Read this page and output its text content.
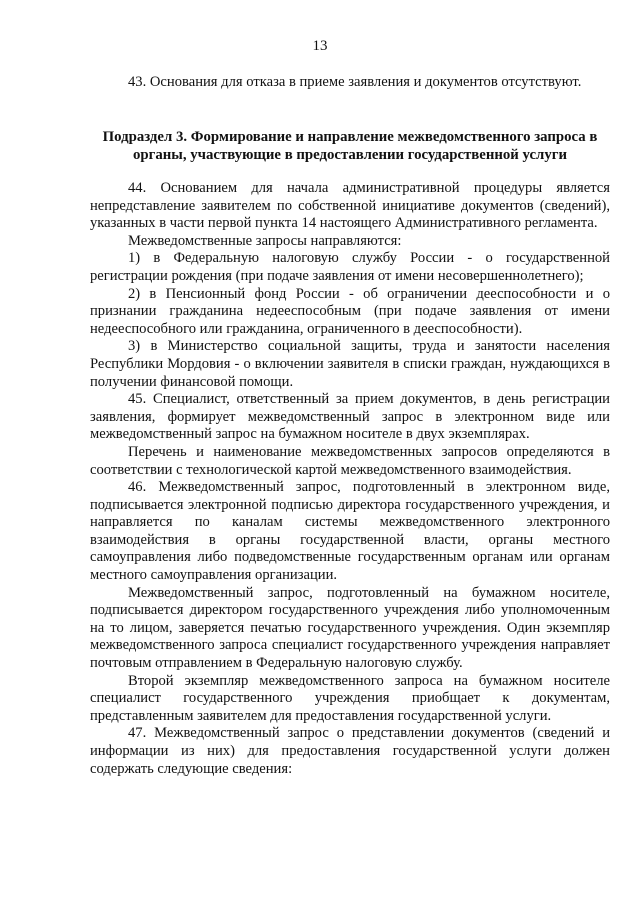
13

43. Основания для отказа в приеме заявления и документов отсутствуют.

Подраздел 3. Формирование и направление межведомственного запроса в
органы, участвующие в предоставлении государственной услуги

44. Основанием для начала административной процедуры является непредставление заявителем по собственной инициативе документов (сведений), указанных в части первой пункта 14 настоящего Административного регламента.

Межведомственные запросы направляются:

1) в Федеральную налоговую службу России - о государственной регистрации рождения (при подаче заявления от имени несовершеннолетнего);

2) в Пенсионный фонд России - об ограничении дееспособности и о признании гражданина недееспособным (при подаче заявления от имени недееспособного или гражданина, ограниченного в дееспособности).

3) в Министерство социальной защиты, труда и занятости населения Республики Мордовия - о включении заявителя в списки граждан, нуждающихся в получении финансовой помощи.

45. Специалист, ответственный за прием документов, в день регистрации заявления, формирует межведомственный запрос в электронном виде или межведомственный запрос на бумажном носителе в двух экземплярах.

Перечень и наименование межведомственных запросов определяются в соответствии с технологической картой межведомственного взаимодействия.

46. Межведомственный запрос, подготовленный в электронном виде, подписывается электронной подписью директора государственного учреждения, и направляется по каналам системы межведомственного электронного взаимодействия в органы государственной власти, органы местного самоуправления либо подведомственные государственным органам или органам местного самоуправления организации.

Межведомственный запрос, подготовленный на бумажном носителе, подписывается директором государственного учреждения либо уполномоченным на то лицом, заверяется печатью государственного учреждения. Один экземпляр межведомственного запроса специалист государственного учреждения направляет почтовым отправлением в Федеральную налоговую службу.

Второй экземпляр межведомственного запроса на бумажном носителе специалист государственного учреждения приобщает к документам, представленным заявителем для предоставления государственной услуги.

47. Межведомственный запрос о представлении документов (сведений и информации из них) для предоставления государственной услуги должен содержать следующие сведения:
